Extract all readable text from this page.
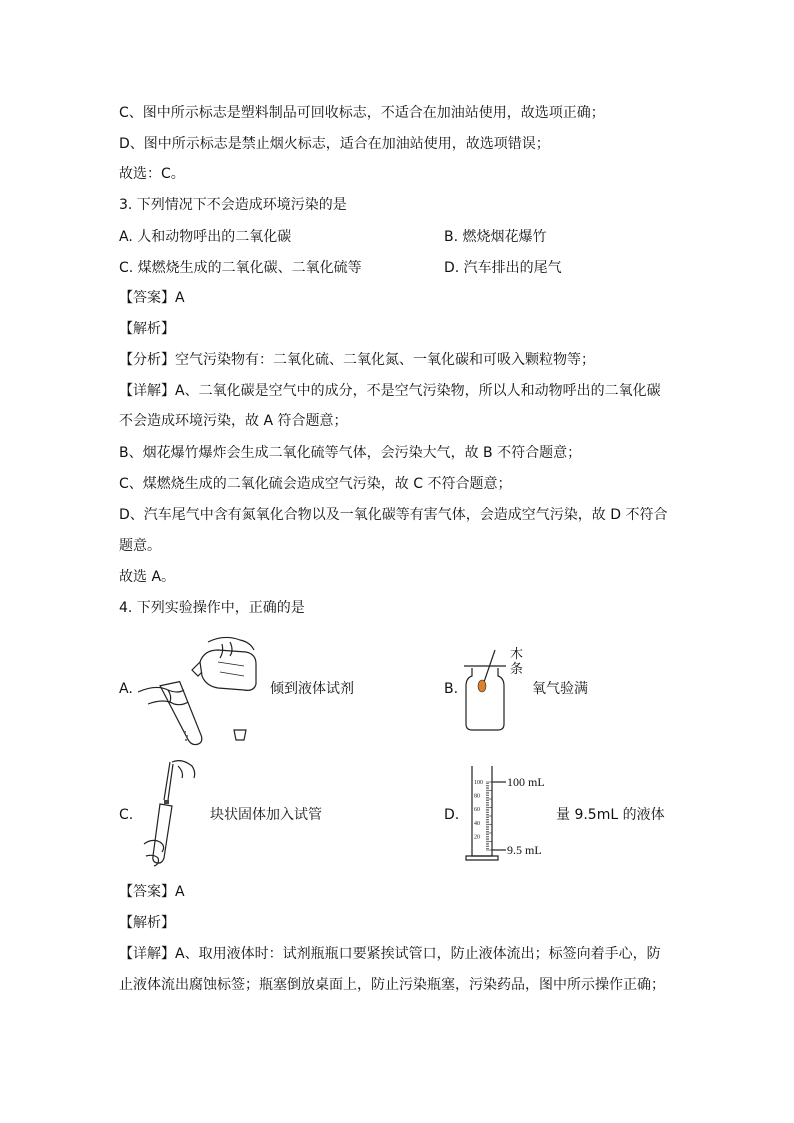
C、图中所示标志是塑料制品可回收标志，不适合在加油站使用，故选项正确；
D、图中所示标志是禁止烟火标志，适合在加油站使用，故选项错误；
故选：C。
3. 下列情况下不会造成环境污染的是
A. 人和动物呼出的二氧化碳	B. 燃烧烟花爆竹
C. 煤燃烧生成的二氧化碳、二氧化硫等	D. 汽车排出的尾气
【答案】A
【解析】
【分析】空气污染物有：二氧化硫、二氧化氮、一氧化碳和可吸入颗粒物等；
【详解】A、二氧化碳是空气中的成分，不是空气污染物，所以人和动物呼出的二氧化碳
不会造成环境污染，故 A 符合题意；
B、烟花爆竹爆炸会生成二氧化硫等气体，会污染大气，故 B 不符合题意；
C、煤燃烧生成的二氧化硫会造成空气污染，故 C 不符合题意；
D、汽车尾气中含有氮氧化合物以及一氧化碳等有害气体，会造成空气污染，故 D 不符合
题意。
故选 A。
4. 下列实验操作中，正确的是
A.	倾到液体试剂	B.
木条
氧气验满
C.	块状固体加入试管	D.
100
80
60
40
20
100 mL
9.5 mL
量 9.5mL 的液体
【答案】A
【解析】
【详解】A、取用液体时：试剂瓶瓶口要紧挨试管口，防止液体流出；标签向着手心，防
止液体流出腐蚀标签；瓶塞倒放桌面上，防止污染瓶塞，污染药品，图中所示操作正确；
